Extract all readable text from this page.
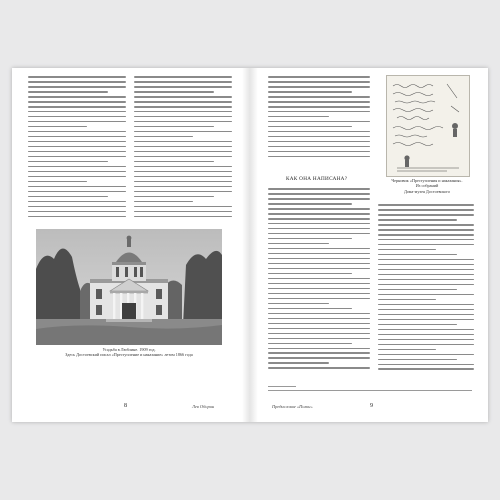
Усадьба в Люблине. 1909 год.
Здесь Достоевский писал «Преступление и наказание» летом 1866 года
8	Лев Оборин
КАК ОНА НАПИСАНА?	Черновик «Преступления и наказания».
Из собраний
Дома-музея Достоевского
Предисловие «Полки»	9
